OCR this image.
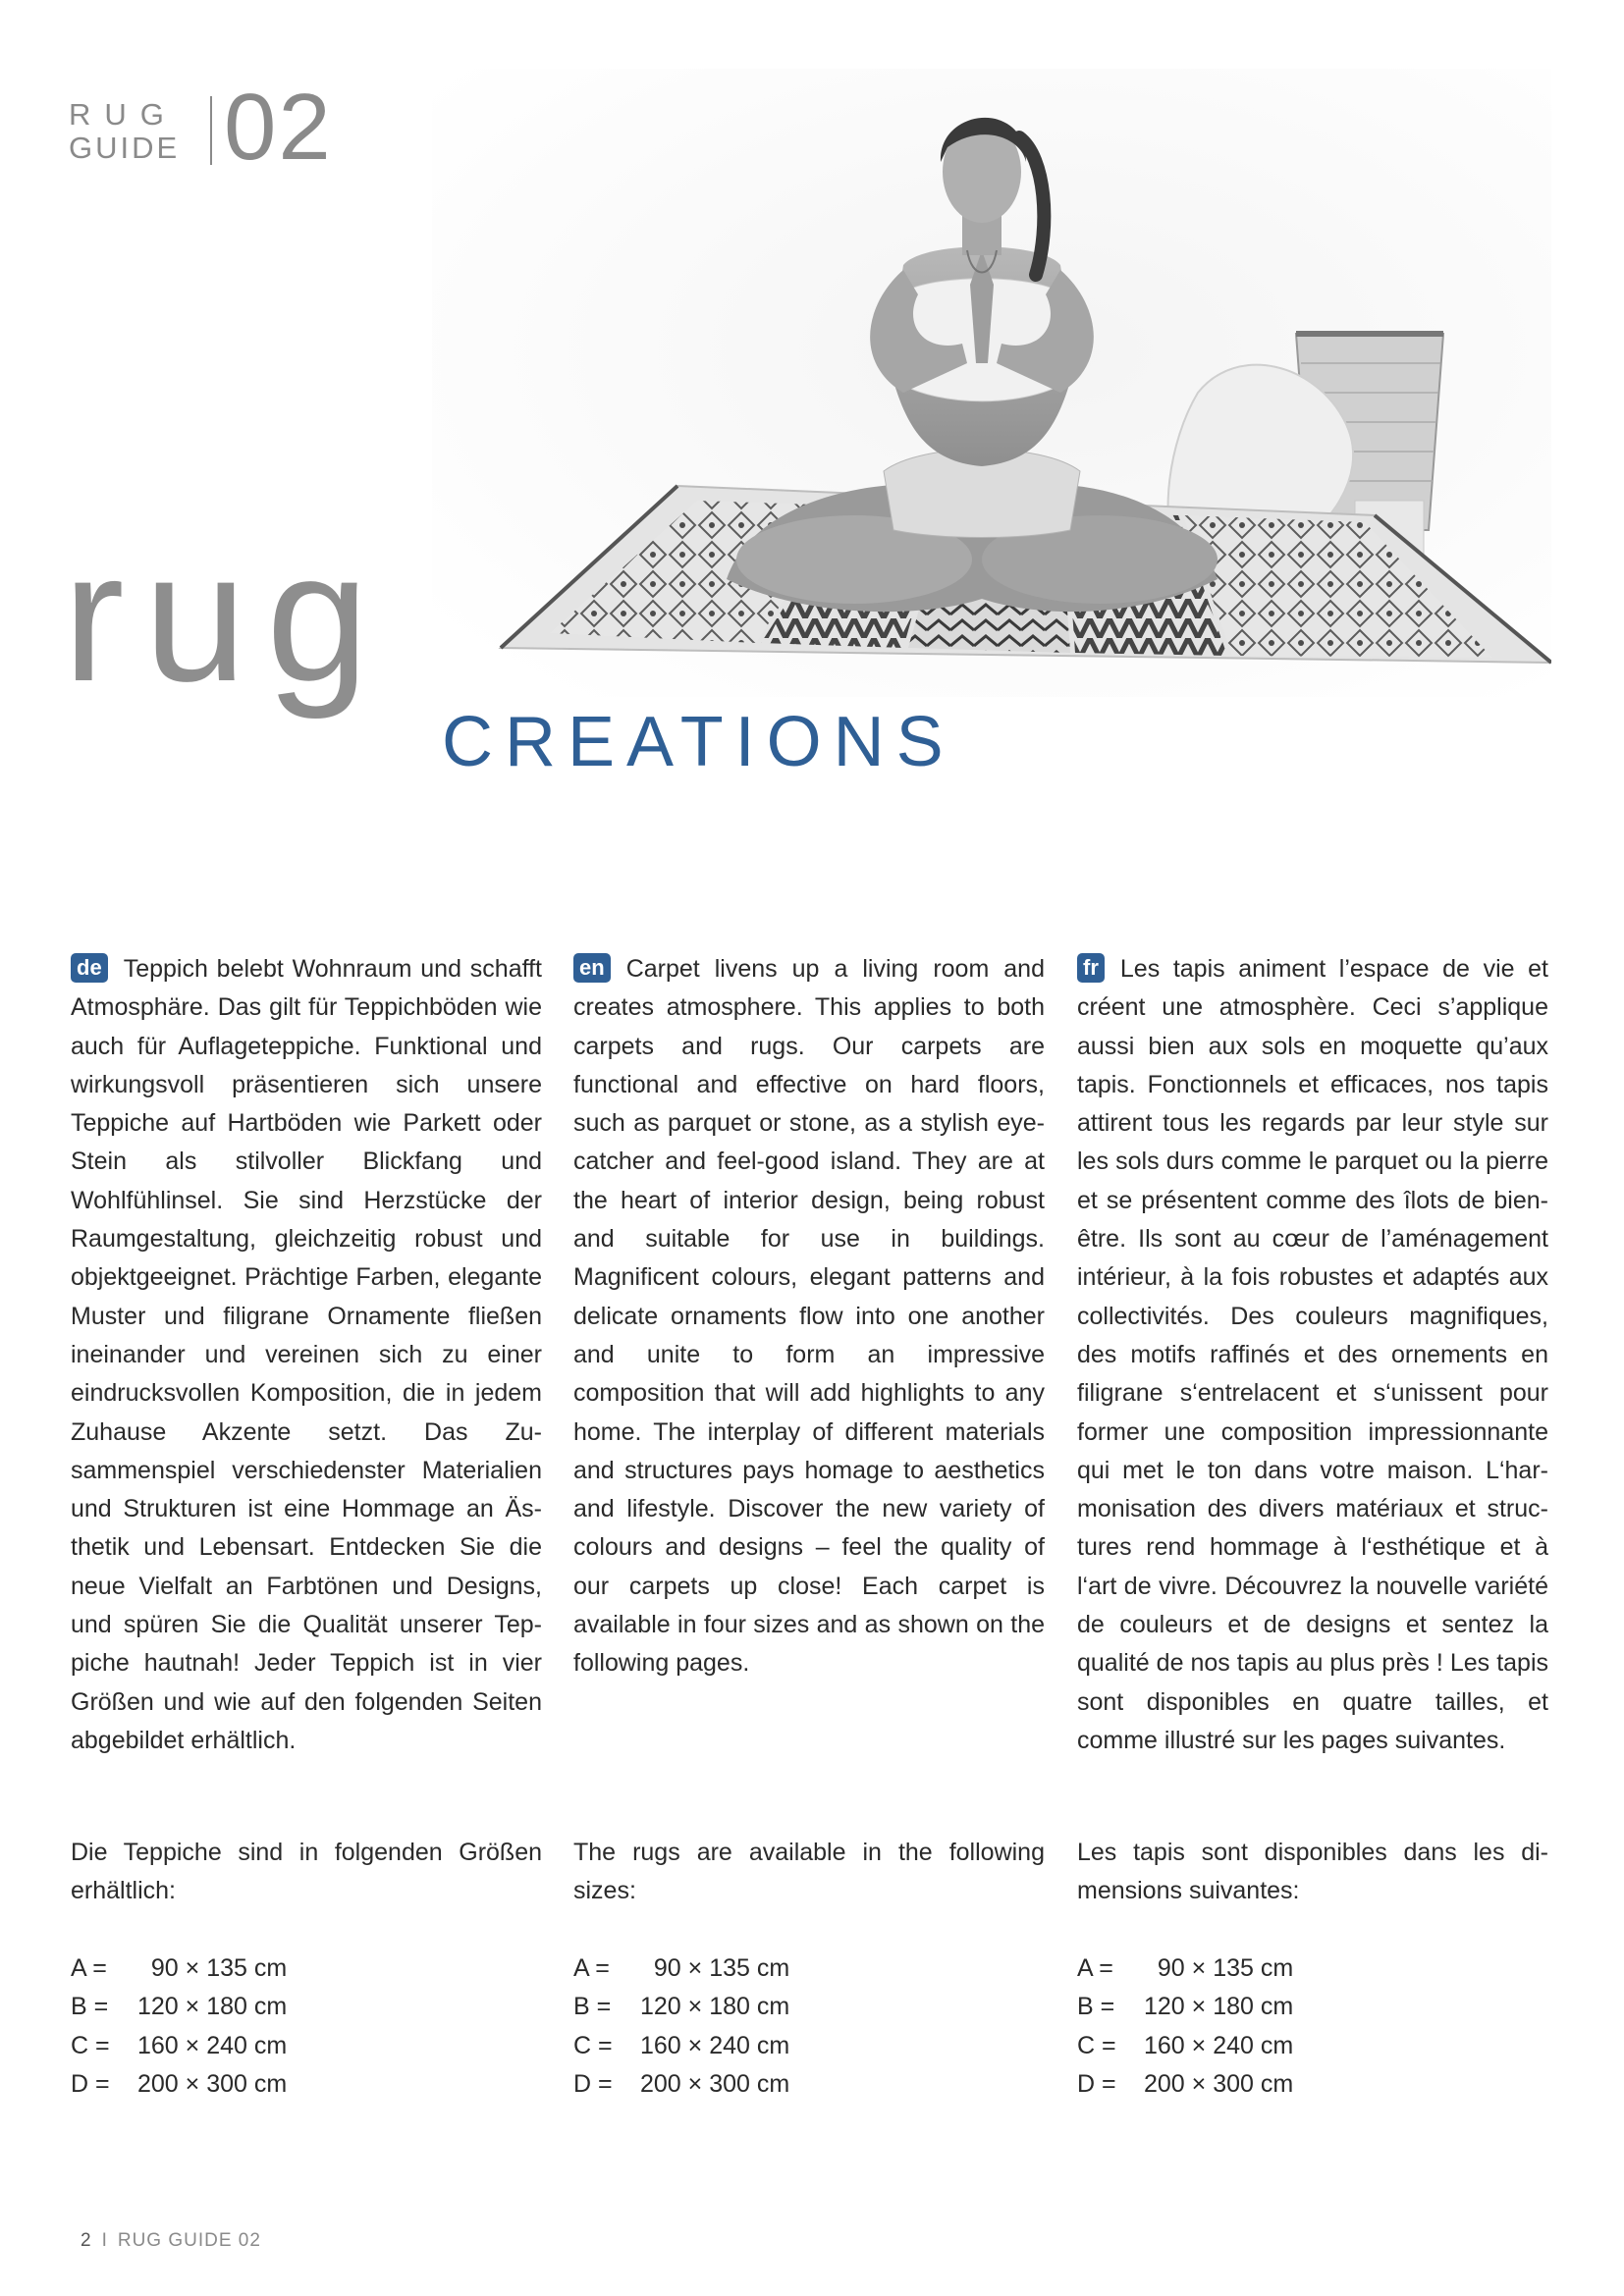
RUG
GUIDE 02
rug
CREATIONS
de Teppich belebt Wohnraum und schafft Atmosphäre. Das gilt für Teppichböden wie auch für Auflageteppiche. Funktional und wirkungsvoll präsentieren sich unsere Teppiche auf Hartböden wie Parkett oder Stein als stilvoller Blickfang und Wohlfühlinsel. Sie sind Herzstücke der Raumgestaltung, gleichzeitig robust und objektgeeignet. Prächtige Farben, elegante Muster und filigrane Ornamente fließen ineinander und vereinen sich zu einer eindrucksvollen Komposition, die in jedem Zuhause Akzente setzt. Das Zusammenspiel verschiedenster Materialien und Strukturen ist eine Hommage an Ästhetik und Lebensart. Entdecken Sie die neue Vielfalt an Farbtönen und Designs, und spüren Sie die Qualität unserer Teppiche hautnah! Jeder Teppich ist in vier Größen und wie auf den folgenden Seiten abgebildet erhältlich.
en Carpet livens up a living room and creates atmosphere. This applies to both carpets and rugs. Our carpets are functional and effective on hard floors, such as parquet or stone, as a stylish eye-catcher and feel-good island. They are at the heart of interior design, being robust and suitable for use in buildings. Magnificent colours, elegant patterns and delicate ornaments flow into one another and unite to form an impressive composition that will add highlights to any home. The interplay of different materials and structures pays homage to aesthetics and lifestyle. Discover the new variety of colours and designs – feel the quality of our carpets up close! Each carpet is available in four sizes and as shown on the following pages.
fr Les tapis animent l’espace de vie et créent une atmosphère. Ceci s’applique aussi bien aux sols en moquette qu’aux tapis. Fonctionnels et efficaces, nos tapis attirent tous les regards par leur style sur les sols durs comme le parquet ou la pierre et se présentent comme des îlots de bien-être. Ils sont au cœur de l’aménagement intérieur, à la fois robustes et adaptés aux collectivités. Des couleurs magnifiques, des motifs raffinés et des ornements en filigrane s‘entrelacent et s‘unissent pour former une composition impressionnante qui met le ton dans votre maison. L‘harmonisation des divers matériaux et structures rend hommage à l‘esthétique et à l‘art de vivre. Découvrez la nouvelle variété de couleurs et de designs et sentez la qualité de nos tapis au plus près ! Les tapis sont disponibles en quatre tailles, et comme illustré sur les pages suivantes.
Die Teppiche sind in folgenden Größen erhältlich:
The rugs are available in the following sizes:
Les tapis sont disponibles dans les dimensions suivantes:
A =	90 × 135 cm
B =	120 × 180 cm
C =	160 × 240 cm
D =	200 × 300 cm
A =	90 × 135 cm
B =	120 × 180 cm
C =	160 × 240 cm
D =	200 × 300 cm
A =	90 × 135 cm
B =	120 × 180 cm
C =	160 × 240 cm
D =	200 × 300 cm
2 I RUG GUIDE 02
